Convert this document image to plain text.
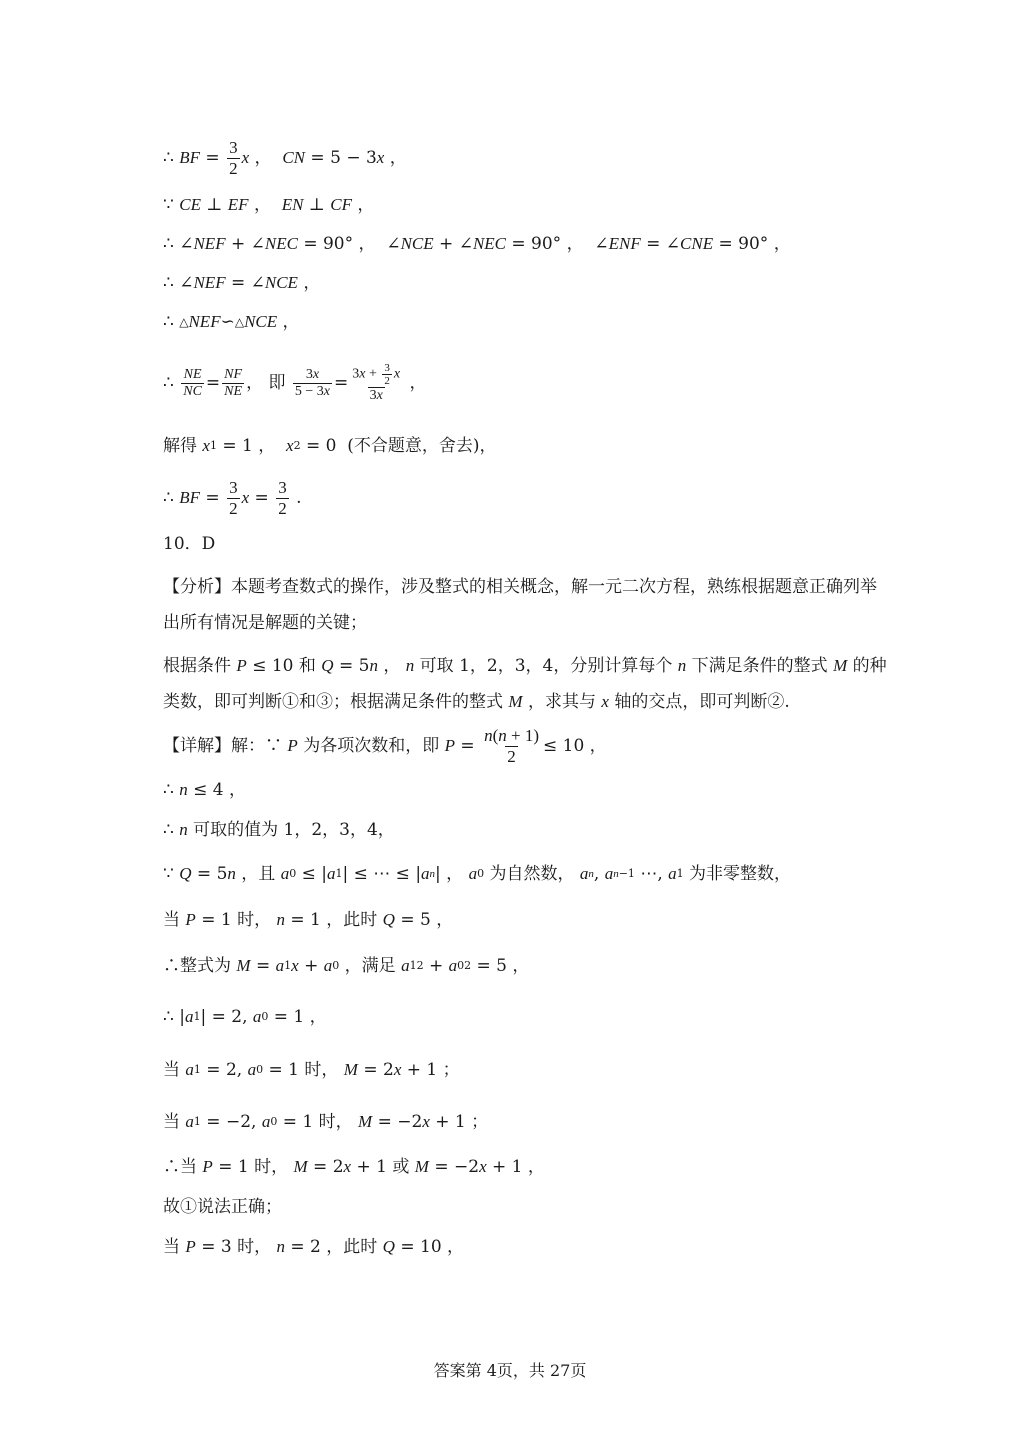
∴ BF = $\frac{3}{2}$ x ， CN = 5 − 3 x ，
∵ CE ⊥ EF ， EN ⊥ CF ，
∴ ∠ NEF + ∠ NEC = 90° ，  ∠ NCE + ∠ NEC = 90° ，  ∠ ENF = ∠ CNE = 90° ，
∴ ∠ NEF = ∠ NCE ，
∴ △ NEF ∽ △ NCE ，
∴ $\frac{NE}{NC} = \frac{NF}{NE}$ ， 即 $\frac{3x}{5 - 3x} = \frac{3x + \frac{3}{2} x}{3x}$ ，
解得 x 1 = 1 ， x 2 = 0  (不合题意，舍去)，
∴ BF = $\frac{3}{2}$ $x = \frac{3}{2}$ .
10．D
【分析】本题考查数式的操作，涉及整式的相关概念，解一元二次方程，熟练根据题意正确列举出所有情况是解题的关键；
根据条件 P ≤ 10 和 Q = 5n ， n 可取 1，2，3，4，分别计算每个 n 下满足条件的整式 M 的种类数，即可判断①和③；根据满足条件的整式 M ，求其与 x 轴的交点，即可判断②.
【详解】解：∵ P 为各项次数和，即 $P = \frac{n(n + 1)}{2} \le 10$ ，
∴ n ≤ 4 ，
∴ n 可取的值为 1，2，3，4，
∵ Q = 5 n ，且 a 0 ≤ | a 1 | ≤ ⋯ ≤ | a n | ， a 0 为自然数， a n , a n−1 ⋯, a 1 为非零整数，
当 P = 1 时， n = 1 ，此时 Q = 5 ，
∴整式为 M = a 1 x + a 0 ，满足 a 1 2 + a 0 2 = 5 ，
∴ | a 1 | = 2, a 0 = 1 ，
当 a 1 = 2, a 0 = 1 时， M = 2 x + 1 ；
当 a 1 = −2, a 0 = 1 时， M = −2 x + 1 ；
∴当 P = 1 时， M = 2 x + 1 或 M = −2 x + 1 ，
故①说法正确；
当 P = 3 时， n = 2 ，此时 Q = 10 ，
答案第 4页，共 27页
